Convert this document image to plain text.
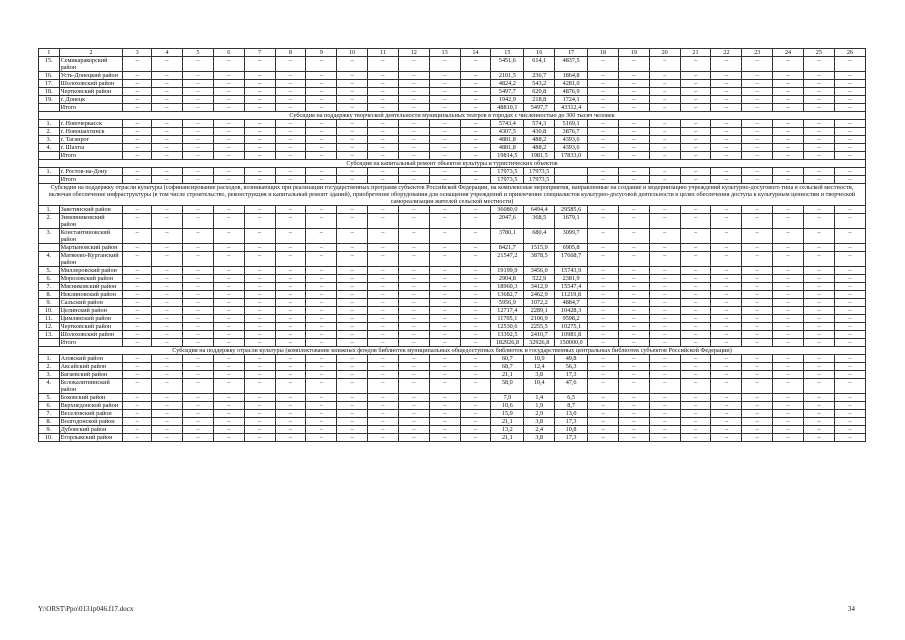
1	2	3	4	5	6	7	8	9	10	11	12	13	14	15	16	17	18	19	20	21	22	23	24	25	26
15.	Семикаракорский район	–	–	–	–	–	–	–	–	–	–	–	–	5451,6	614,1	4837,5	–	–	–	–	–	–	–	–	–
16.	Усть-Донецкий район	–	–	–	–	–	–	–	–	–	–	–	–	2101,5	236,7	1864,8	–	–	–	–	–	–	–	–	–
17.	Шолоховский район	–	–	–	–	–	–	–	–	–	–	–	–	4824,2	543,2	4281,0	–	–	–	–	–	–	–	–	–
18.	Чертковский район	–	–	–	–	–	–	–	–	–	–	–	–	5497,7	620,8	4876,9	–	–	–	–	–	–	–	–	–
19.	г. Донецк	–	–	–	–	–	–	–	–	–	–	–	–	1942,9	218,8	1724,1	–	–	–	–	–	–	–	–	–
	Итого	–	–	–	–	–	–	–	–	–	–	–	–	48810,1	5497,7	43312,4	–	–	–	–	–	–	–	–	–
Субсидия на поддержку творческой деятельности муниципальных театров в городах с численностью до 300 тысяч человек																									
1.	г. Новочеркасск	–	–	–	–	–	–	–	–	–	–	–	–	5743,4	574,3	5169,1	–	–	–	–	–	–	–	–	–
2.	г. Новошахтинск	–	–	–	–	–	–	–	–	–	–	–	–	4307,5	430,8	3876,7	–	–	–	–	–	–	–	–	–
3.	г. Таганрог	–	–	–	–	–	–	–	–	–	–	–	–	4881,8	488,2	4393,6	–	–	–	–	–	–	–	–	–
4.	г. Шахты	–	–	–	–	–	–	–	–	–	–	–	–	4881,8	488,2	4393,6	–	–	–	–	–	–	–	–	–
	Итого	–	–	–	–	–	–	–	–	–	–	–	–	19814,5	1981,5	17833,0	–	–	–	–	–	–	–	–	–
Субсидия на капитальный ремонт объектов культуры и туристических объектов																									
1.	г. Ростов-на-Дону	–	–	–	–	–	–	–	–	–	–	–	–	17973,5	17973,5		–	–	–	–	–	–	–	–	–
	Итого	–	–	–	–	–	–	–	–	–	–	–	–	17973,5	17973,5		–	–	–	–	–	–	–	–	–
Субсидия на поддержку отрасли культуры (софинансирование расходов, возникающих при реализации государственных программ субъектов Российской Федерации, на комплексные мероприятия, направленные на создание и модернизацию учреждений культурно-досугового типа в сельской местности, включая обеспечение инфраструктуры (в том числе строительство, реконструкция и капитальный ремонт зданий), приобретение оборудования для оснащения учреждений и привлечение специалистов культурно-досуговой деятельности в целях обеспечения доступа к культурным ценностям и творческой самореализации жителей сельской местности)																									
1.	Заветинский район	–	–	–	–	–	–	–	–	–	–	–	–	36080,0	6494,4	29585,6	–	–	–	–	–	–	–	–	–
2.	Зимовниковский район	–	–	–	–	–	–	–	–	–	–	–	–	2047,6	368,5	1679,1	–	–	–	–	–	–	–	–	–
3.	Константиновский район	–	–	–	–	–	–	–	–	–	–	–	–	3780,1	680,4	3099,7	–	–	–	–	–	–	–	–	–
	Мартыновский район	–	–	–	–	–	–	–	–	–	–	–	–	8421,7	1515,9	6905,8	–	–	–	–	–	–	–	–	–
4.	Матвеево-Курганский район	–	–	–	–	–	–	–	–	–	–	–	–	21547,2	3878,5	17668,7	–	–	–	–	–	–	–	–	–
5.	Миллеровский район	–	–	–	–	–	–	–	–	–	–	–	–	19199,9	3456,0	15743,9	–	–	–	–	–	–	–	–	–
6.	Морозовский район	–	–	–	–	–	–	–	–	–	–	–	–	2904,8	522,9	2381,9	–	–	–	–	–	–	–	–	–
7.	Мясниковский район	–	–	–	–	–	–	–	–	–	–	–	–	18960,3	3412,9	15547,4	–	–	–	–	–	–	–	–	–
8.	Неклиновский район	–	–	–	–	–	–	–	–	–	–	–	–	13682,7	2462,9	11219,8	–	–	–	–	–	–	–	–	–
9.	Сальский район	–	–	–	–	–	–	–	–	–	–	–	–	5956,9	1072,2	4884,7	–	–	–	–	–	–	–	–	–
10.	Целинский район	–	–	–	–	–	–	–	–	–	–	–	–	12717,4	2289,1	10428,3	–	–	–	–	–	–	–	–	–
11.	Цимлянский район	–	–	–	–	–	–	–	–	–	–	–	–	11705,1	2106,9	9598,2	–	–	–	–	–	–	–	–	–
12.	Чертковский район	–	–	–	–	–	–	–	–	–	–	–	–	12530,6	2255,5	10275,1	–	–	–	–	–	–	–	–	–
13.	Шолоховский район	–	–	–	–	–	–	–	–	–	–	–	–	13392,5	2410,7	10981,8	–	–	–	–	–	–	–	–	–
	Итого	–	–	–	–	–	–	–	–	–	–	–	–	182926,8	32926,8	150000,0	–	–	–	–	–	–	–	–	–
Субсидия на поддержку отрасли культуры (комплектование книжных фондов библиотек муниципальных общедоступных библиотек и государственных центральных библиотек субъектов Российской Федерации)																									
1.	Азовский район	–	–	–	–	–	–	–	–	–	–	–	–	60,7	10,9	49,8	–	–	–	–	–	–	–	–	–
2.	Аксайский район	–	–	–	–	–	–	–	–	–	–	–	–	68,7	12,4	56,3	–	–	–	–	–	–	–	–	–
3.	Багаевский район	–	–	–	–	–	–	–	–	–	–	–	–	21,1	3,8	17,3	–	–	–	–	–	–	–	–	–
4.	Белокалитвинский район	–	–	–	–	–	–	–	–	–	–	–	–	58,0	10,4	47,6	–	–	–	–	–	–	–	–	–
5.	Боковский район	–	–	–	–	–	–	–	–	–	–	–	–	7,9	1,4	6,5	–	–	–	–	–	–	–	–	–
6.	Верхнедонской район	–	–	–	–	–	–	–	–	–	–	–	–	10,6	1,9	8,7	–	–	–	–	–	–	–	–	–
7.	Веселовский район	–	–	–	–	–	–	–	–	–	–	–	–	15,9	2,9	13,0	–	–	–	–	–	–	–	–	–
8.	Волгодонской район	–	–	–	–	–	–	–	–	–	–	–	–	21,1	3,8	17,3	–	–	–	–	–	–	–	–	–
9.	Дубовский район	–	–	–	–	–	–	–	–	–	–	–	–	13,2	2,4	10,8	–	–	–	–	–	–	–	–	–
10.	Егорлыкский район	–	–	–	–	–	–	–	–	–	–	–	–	21,1	3,8	17,3	–	–	–	–	–	–	–	–	–
Y:\ORST\Ppo\0131p046.f17.docx	34
